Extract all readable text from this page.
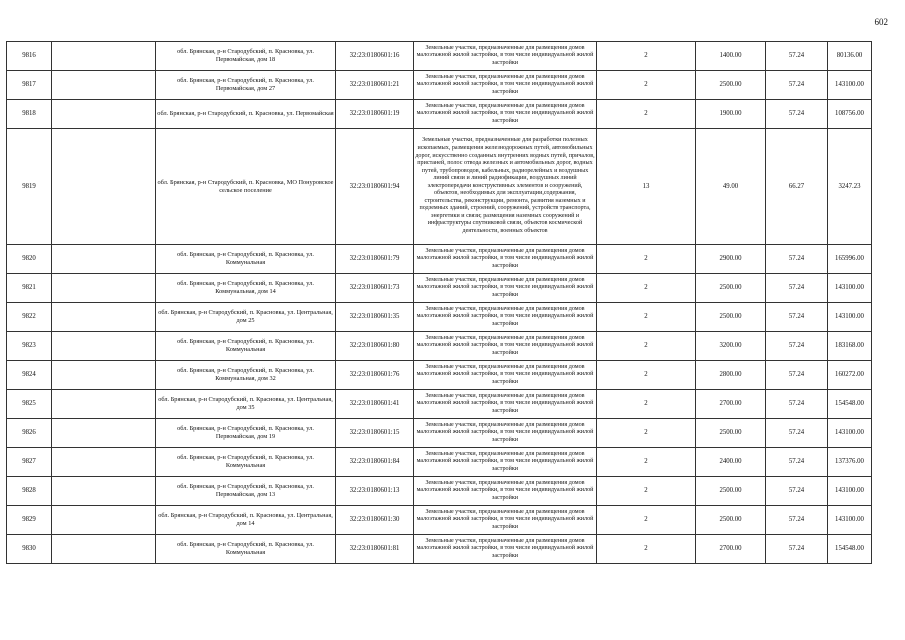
602
9816		обл. Брянская, р-н Стародубский, п. Красновка, ул. Первомайская, дом 18	32:23:0180601:16	Земельные участки, предназначенные для размещения домов малоэтажной жилой застройки, в том числе индивидуальной жилой застройки	2	1400.00	57.24	80136.00
9817		обл. Брянская, р-н Стародубский, п. Красновка, ул. Первомайская, дом 27	32:23:0180601:21	Земельные участки, предназначенные для размещения домов малоэтажной жилой застройки, в том числе индивидуальной жилой застройки	2	2500.00	57.24	143100.00
9818		обл. Брянская, р-н Стародубский, п. Красновка, ул. Первомайская	32:23:0180601:19	Земельные участки, предназначенные для размещения домов малоэтажной жилой застройки, в том числе индивидуальной жилой застройки	2	1900.00	57.24	108756.00
9819		обл. Брянская, р-н Стародубский, п. Красновка, МО Понуровское сельское поселение	32:23:0180601:94	Земельные участки, предназначенные для разработки полезных ископаемых, размещения железнодорожных путей, автомобильных дорог, искусственно созданных внутренних водных путей, причалов, пристаней, полос отвода железных и автомобильных дорог, водных путей, трубопроводов, кабельных, радиорелейных и воздушных линий связи и линий радиофикации, воздушных линий электропередачи конструктивных элементов и сооружений, объектов, необходимых для эксплуатации,содержания, строительства, реконструкции, ремонта, развития наземных и подземных зданий, строений, сооружений, устройств транспорта, энергетики и связи; размещения наземных сооружений и инфраструктуры спутниковой связи, объектов космической деятельности, военных объектов	13	49.00	66.27	3247.23
9820		обл. Брянская, р-н Стародубский, п. Красновка, ул. Коммунальная	32:23:0180601:79	Земельные участки, предназначенные для размещения домов малоэтажной жилой застройки, в том числе индивидуальной жилой застройки	2	2900.00	57.24	165996.00
9821		обл. Брянская, р-н Стародубский, п. Красновка, ул. Коммунальная, дом 14	32:23:0180601:73	Земельные участки, предназначенные для размещения домов малоэтажной жилой застройки, в том числе индивидуальной жилой застройки	2	2500.00	57.24	143100.00
9822		обл. Брянская, р-н Стародубский, п. Красновка, ул. Центральная, дом 25	32:23:0180601:35	Земельные участки, предназначенные для размещения домов малоэтажной жилой застройки, в том числе индивидуальной жилой застройки	2	2500.00	57.24	143100.00
9823		обл. Брянская, р-н Стародубский, п. Красновка, ул. Коммунальная	32:23:0180601:80	Земельные участки, предназначенные для размещения домов малоэтажной жилой застройки, в том числе индивидуальной жилой застройки	2	3200.00	57.24	183168.00
9824		обл. Брянская, р-н Стародубский, п. Красновка, ул. Коммунальная, дом 32	32:23:0180601:76	Земельные участки, предназначенные для размещения домов малоэтажной жилой застройки, в том числе индивидуальной жилой застройки	2	2800.00	57.24	160272.00
9825		обл. Брянская, р-н Стародубский, п. Красновка, ул. Центральная, дом 35	32:23:0180601:41	Земельные участки, предназначенные для размещения домов малоэтажной жилой застройки, в том числе индивидуальной жилой застройки	2	2700.00	57.24	154548.00
9826		обл. Брянская, р-н Стародубский, п. Красновка, ул. Первомайская, дом 19	32:23:0180601:15	Земельные участки, предназначенные для размещения домов малоэтажной жилой застройки, в том числе индивидуальной жилой застройки	2	2500.00	57.24	143100.00
9827		обл. Брянская, р-н Стародубский, п. Красновка, ул. Коммунальная	32:23:0180601:84	Земельные участки, предназначенные для размещения домов малоэтажной жилой застройки, в том числе индивидуальной жилой застройки	2	2400.00	57.24	137376.00
9828		обл. Брянская, р-н Стародубский, п. Красновка, ул. Первомайская, дом 13	32:23:0180601:13	Земельные участки, предназначенные для размещения домов малоэтажной жилой застройки, в том числе индивидуальной жилой застройки	2	2500.00	57.24	143100.00
9829		обл. Брянская, р-н Стародубский, п. Красновка, ул. Центральная, дом 14	32:23:0180601:30	Земельные участки, предназначенные для размещения домов малоэтажной жилой застройки, в том числе индивидуальной жилой застройки	2	2500.00	57.24	143100.00
9830		обл. Брянская, р-н Стародубский, п. Красновка, ул. Коммунальная	32:23:0180601:81	Земельные участки, предназначенные для размещения домов малоэтажной жилой застройки, в том числе индивидуальной жилой застройки	2	2700.00	57.24	154548.00
